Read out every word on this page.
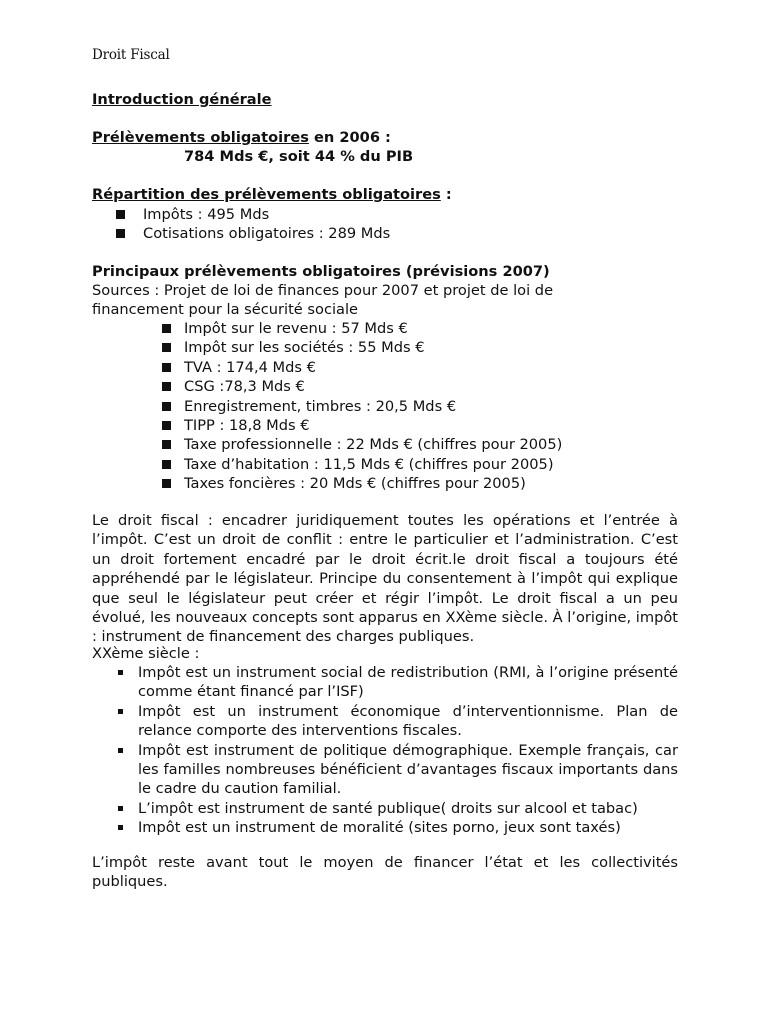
Droit Fiscal
Introduction générale
Prélèvements obligatoires en 2006 :
784 Mds €, soit 44 % du PIB
Répartition des prélèvements obligatoires :
Impôts : 495 Mds
Cotisations obligatoires : 289 Mds
Principaux prélèvements obligatoires (prévisions 2007)
Sources : Projet de loi de finances pour 2007 et projet de loi de
financement pour la sécurité sociale
Impôt sur le revenu : 57 Mds €
Impôt sur les sociétés : 55 Mds €
TVA : 174,4 Mds €
CSG :78,3 Mds €
Enregistrement, timbres : 20,5 Mds €
TIPP : 18,8 Mds €
Taxe professionnelle : 22 Mds € (chiffres pour 2005)
Taxe d’habitation : 11,5 Mds € (chiffres pour 2005)
Taxes foncières : 20 Mds € (chiffres pour 2005)
Le droit fiscal : encadrer juridiquement toutes les opérations et l’entrée à l’impôt. C’est un droit de conflit : entre le particulier et l’administration. C’est un droit fortement encadré par le droit écrit.le droit fiscal a toujours été appréhendé par le législateur. Principe du consentement à l’impôt qui explique que seul le législateur peut créer et régir l’impôt. Le droit fiscal a un peu évolué, les nouveaux concepts sont apparus en XXème siècle. À l’origine, impôt : instrument de financement des charges publiques.
XXème siècle :
Impôt est un instrument social de redistribution (RMI, à l’origine présenté comme étant financé par l’ISF)
Impôt est un instrument économique d’interventionnisme. Plan de relance comporte des interventions fiscales.
Impôt est instrument de politique démographique. Exemple français, car les familles nombreuses bénéficient d’avantages fiscaux importants dans le cadre du caution familial.
L’impôt est instrument de santé publique( droits sur alcool et tabac)
Impôt est un instrument de moralité (sites porno, jeux sont taxés)
L’impôt reste avant tout le moyen de financer l’état et les collectivités publiques.
